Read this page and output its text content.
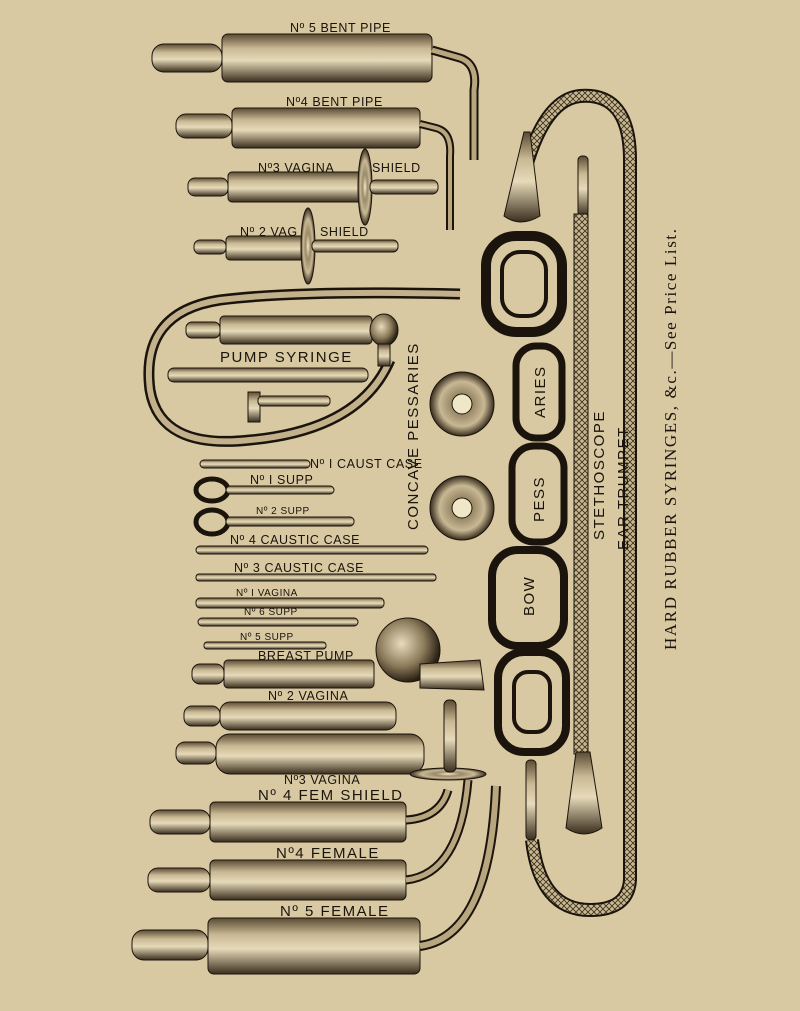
Nº 5 BENT PIPE
Nº4 BENT PIPE
Nº3 VAGINA	SHIELD
Nº 2 VAG SHIELD
PUMP SYRINGE
Nº I CAUST CASE
Nº I SUPP
Nº 2 SUPP
Nº 4 CAUSTIC CASE
Nº 3 CAUSTIC CASE
Nº I VAGINA
Nº 6 SUPP
Nº 5 SUPP
BREAST PUMP
Nº 2 VAGINA
Nº3 VAGINA
Nº 4 FEM SHIELD
Nº4 FEMALE
Nº 5 FEMALE
CONCAVE PESSARIES	ARIES
PESS
BOW
STETHOSCOPE EAR TRUMPET HARD RUBBER SYRINGES, &c.—See Price List.
